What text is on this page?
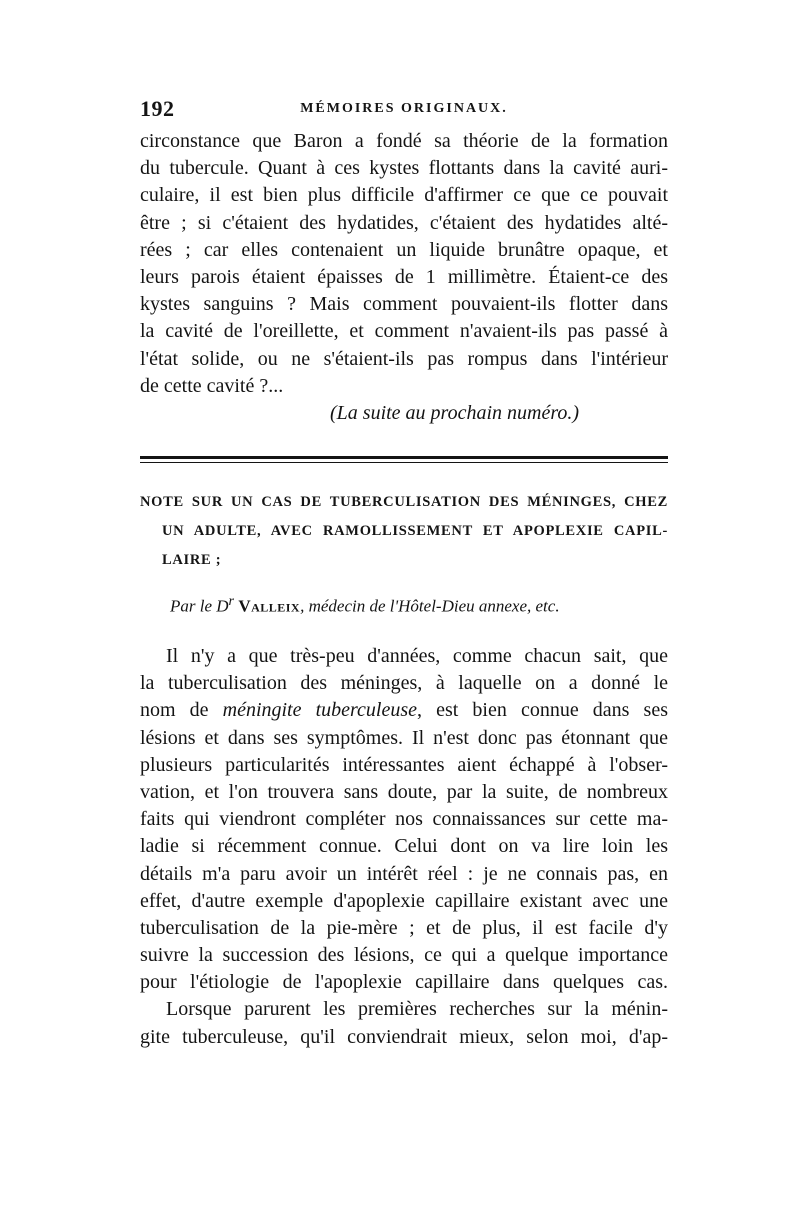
192	MÉMOIRES ORIGINAUX.
circonstance que Baron a fondé sa théorie de la formation
du tubercule. Quant à ces kystes flottants dans la cavité auri-
culaire, il est bien plus difficile d'affirmer ce que ce pouvait
être ; si c'étaient des hydatides, c'étaient des hydatides alté-
rées ; car elles contenaient un liquide brunâtre opaque, et
leurs parois étaient épaisses de 1 millimètre. Étaient-ce des
kystes sanguins ? Mais comment pouvaient-ils flotter dans
la cavité de l'oreillette, et comment n'avaient-ils pas passé à
l'état solide, ou ne s'étaient-ils pas rompus dans l'intérieur
de cette cavité ?...
(La suite au prochain numéro.)
NOTE SUR UN CAS DE TUBERCULISATION DES MÉNINGES, CHEZ
UN ADULTE, AVEC RAMOLLISSEMENT ET APOPLEXIE CAPIL-
LAIRE ;
Par le $D^r$ Valleix, médecin de l'Hôtel-Dieu annexe, etc.
Il n'y a que très-peu d'années, comme chacun sait, que
la tuberculisation des méninges, à laquelle on a donné le
nom de méningite tuberculeuse, est bien connue dans ses
lésions et dans ses symptômes. Il n'est donc pas étonnant que
plusieurs particularités intéressantes aient échappé à l'obser-
vation, et l'on trouvera sans doute, par la suite, de nombreux
faits qui viendront compléter nos connaissances sur cette ma-
ladie si récemment connue. Celui dont on va lire loin les
détails m'a paru avoir un intérêt réel : je ne connais pas, en
effet, d'autre exemple d'apoplexie capillaire existant avec une
tuberculisation de la pie-mère ; et de plus, il est facile d'y
suivre la succession des lésions, ce qui a quelque importance
pour l'étiologie de l'apoplexie capillaire dans quelques cas.
Lorsque parurent les premières recherches sur la ménin-
gite tuberculeuse, qu'il conviendrait mieux, selon moi, d'ap-
